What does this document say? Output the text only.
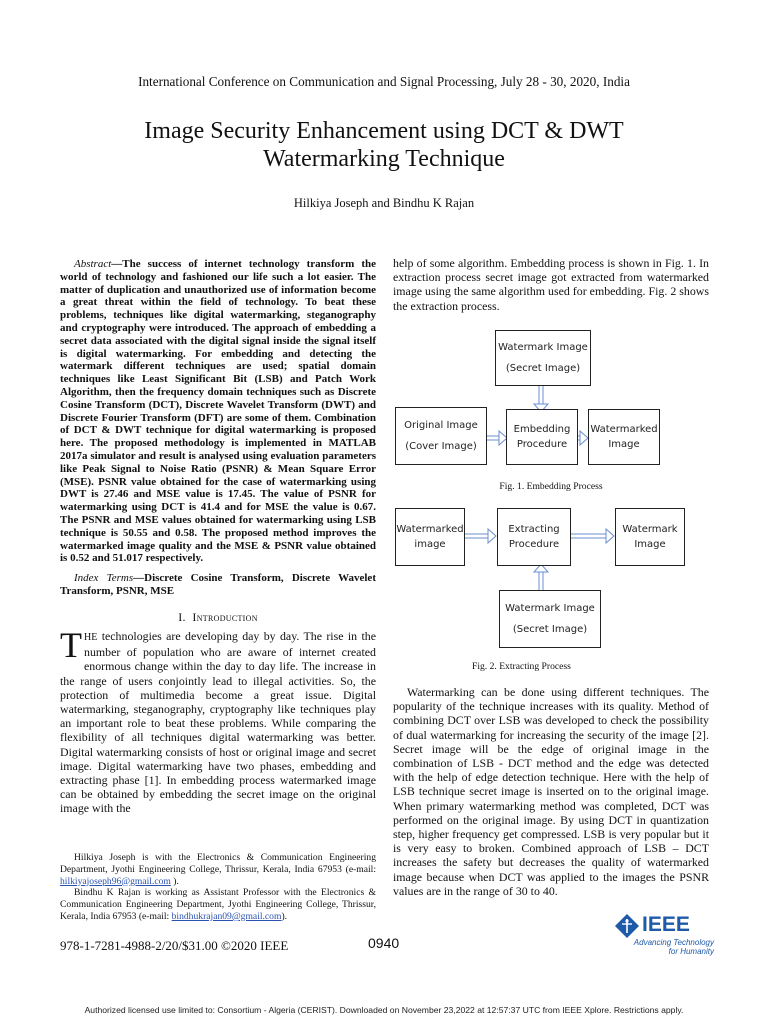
International Conference on Communication and Signal Processing, July 28 - 30, 2020, India
Image Security Enhancement using DCT & DWT
Watermarking Technique
Hilkiya Joseph and Bindhu K Rajan
Abstract—The success of internet technology transform the world of technology and fashioned our life such a lot easier. The matter of duplication and unauthorized use of information become a great threat within the field of technology. To beat these problems, techniques like digital watermarking, steganography and cryptography were introduced. The approach of embedding a secret data associated with the digital signal inside the signal itself is digital watermarking. For embedding and detecting the watermark different techniques are used; spatial domain techniques like Least Significant Bit (LSB) and Patch Work Algorithm, then the frequency domain techniques such as Discrete Cosine Transform (DCT), Discrete Wavelet Transform (DWT) and Discrete Fourier Transform (DFT) are some of them. Combination of DCT & DWT technique for digital watermarking is proposed here. The proposed methodology is implemented in MATLAB 2017a simulator and result is analysed using evaluation parameters like Peak Signal to Noise Ratio (PSNR) & Mean Square Error (MSE). PSNR value obtained for the case of watermarking using DWT is 27.46 and MSE value is 17.45. The value of PSNR for watermarking using DCT is 41.4 and for MSE the value is 0.67. The PSNR and MSE values obtained for watermarking using LSB technique is 50.55 and 0.58. The proposed method improves the watermarked image quality and the MSE & PSNR value obtained is 0.52 and 51.017 respectively.
Index Terms—Discrete Cosine Transform, Discrete Wavelet Transform, PSNR, MSE
I. Introduction
THE technologies are developing day by day. The rise in the number of population who are aware of internet created enormous change within the day to day life. The increase in the range of users conjointly lead to illegal activities. So, the protection of multimedia become a great issue. Digital watermarking, steganography, cryptography like techniques play an important role to beat these problems. While comparing the flexibility of all techniques digital watermarking was better. Digital watermarking consists of host or original image and secret image. Digital watermarking have two phases, embedding and extracting phase [1]. In embedding process watermarked image can be obtained by embedding the secret image on the original image with the

Hilkiya Joseph is with the Electronics & Communication Engineering Department, Jyothi Engineering College, Thrissur, Kerala, India 67953 (e-mail: hilkiyajoseph96@gmail.com ).

Bindhu K Rajan is working as Assistant Professor with the Electronics & Communication Engineering Department, Jyothi Engineering College, Thrissur, Kerala, India 67953 (e-mail: bindhukrajan09@gmail.com).

help of some algorithm. Embedding process is shown in Fig. 1. In extraction process secret image got extracted from watermarked image using the same algorithm used for embedding. Fig. 2 shows the extraction process.
Watermark Image
(Secret Image)
Original Image
(Cover Image)
Embedding
Procedure
Watermarked
Image
Fig. 1. Embedding Process
Watermarked
image
Extracting
Procedure
Watermark
Image
Watermark Image
(Secret Image)
Fig. 2. Extracting Process
Watermarking can be done using different techniques. The popularity of the technique increases with its quality. Method of combining DCT over LSB was developed to check the possibility of dual watermarking for increasing the security of the image [2]. Secret image will be the edge of original image in the combination of LSB - DCT method and the edge was detected with the help of edge detection technique. Here with the help of LSB technique secret image is inserted on to the original image. When primary watermarking method was completed, DCT was performed on the original image. By using DCT in quantization step, higher frequency get compressed. LSB is very popular but it is very easy to broken. Combined approach of LSB – DCT increases the safety but decreases the quality of watermarked image because when DCT was applied to the images the PSNR values are in the range of 30 to 40.
978-1-7281-4988-2/20/$31.00 ©2020 IEEE	0940
IEEE
Advancing Technology
for Humanity
Authorized licensed use limited to: Consortium - Algeria (CERIST). Downloaded on November 23,2022 at 12:57:37 UTC from IEEE Xplore. Restrictions apply.
